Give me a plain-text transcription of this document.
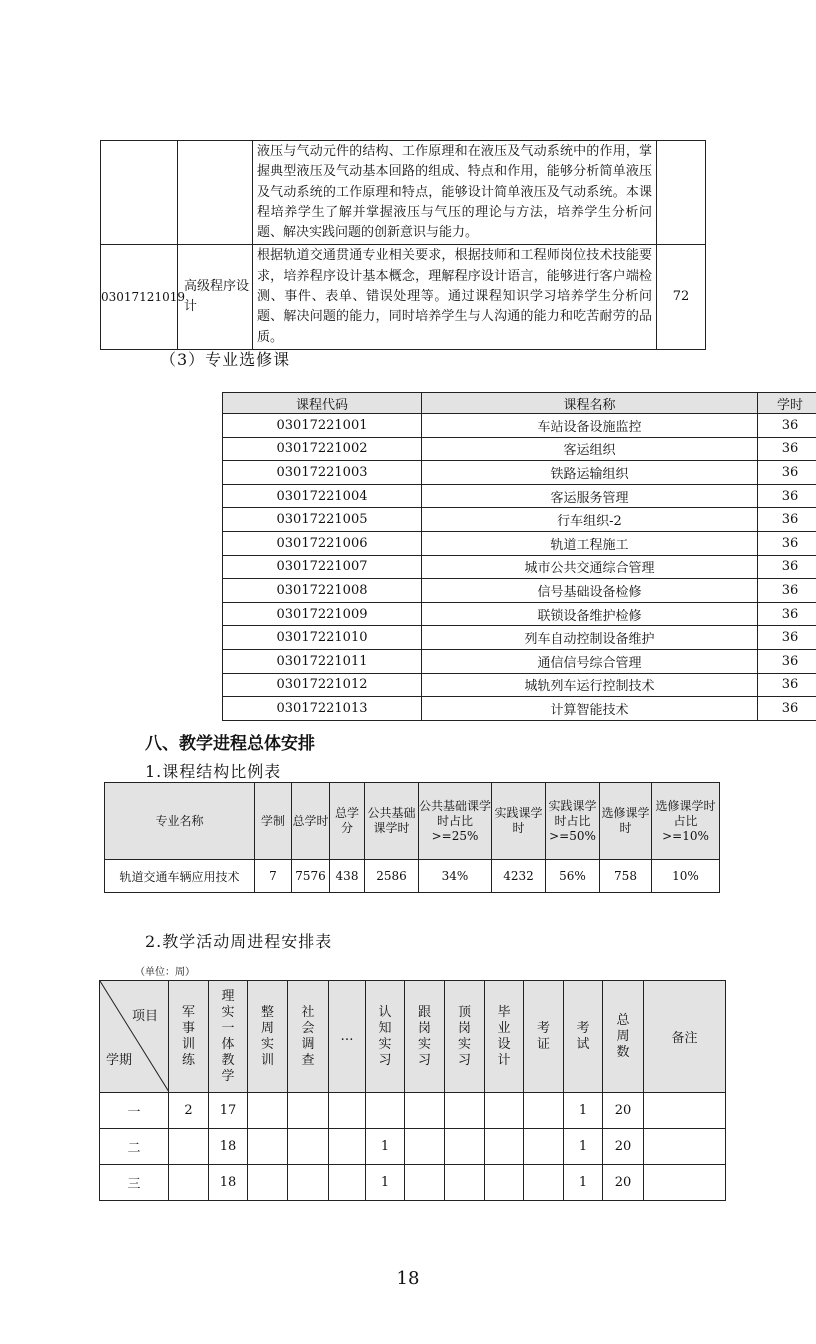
		液压与气动元件的结构、工作原理和在液压及气动系统中的作用，掌握典型液压及气动基本回路的组成、特点和作用，能够分析简单液压及气动系统的工作原理和特点，能够设计简单液压及气动系统。本课程培养学生了解并掌握液压与气压的理论与方法，培养学生分析问题、解决实践问题的创新意识与能力。	
03017121019	高级程序设计	根据轨道交通贯通专业相关要求，根据技师和工程师岗位技术技能要求，培养程序设计基本概念，理解程序设计语言，能够进行客户端检测、事件、表单、错误处理等。通过课程知识学习培养学生分析问题、解决问题的能力，同时培养学生与人沟通的能力和吃苦耐劳的品质。	72

（3）专业选修课

课程代码	课程名称	学时
03017221001	车站设备设施监控	36
03017221002	客运组织	36
03017221003	铁路运输组织	36
03017221004	客运服务管理	36
03017221005	行车组织-2	36
03017221006	轨道工程施工	36
03017221007	城市公共交通综合管理	36
03017221008	信号基础设备检修	36
03017221009	联锁设备维护检修	36
03017221010	列车自动控制设备维护	36
03017221011	通信信号综合管理	36
03017221012	城轨列车运行控制技术	36
03017221013	计算智能技术	36

八、教学进程总体安排

1.课程结构比例表

专业名称	学制	总学时	总学分	公共基础课学时	公共基础课学时占比>=25%	实践课学时	实践课学时占比>=50%	选修课学时	选修课学时占比>=10%
轨道交通车辆应用技术	7	7576	438	2586	34%	4232	56%	758	10%

2.教学活动周进程安排表

（单位：周）

项目
学期	军事训练	理实一体教学	整周实训	社会调查	…	认知实习	跟岗实习	顶岗实习	毕业设计	考证	考试	总周数	备注
一	2	17									1	20	
二		18				1					1	20	
三		18				1					1	20	

18
